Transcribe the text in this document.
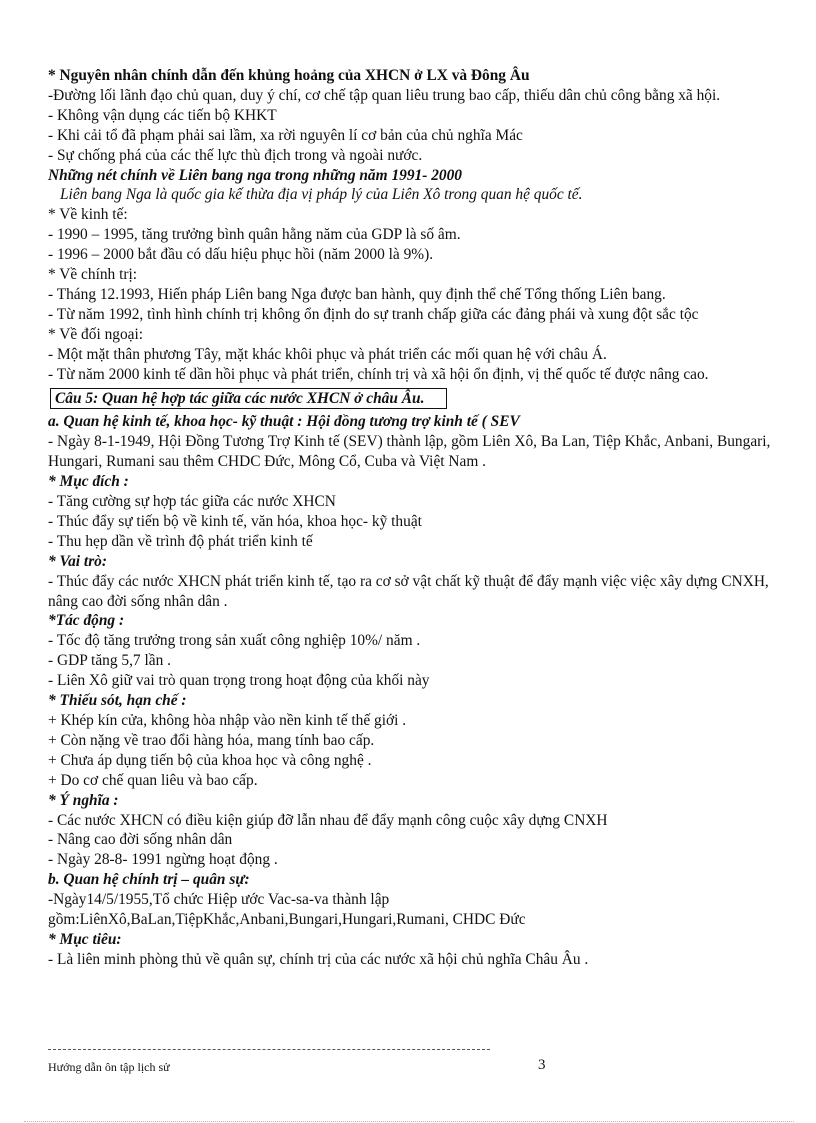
* Nguyên nhân chính dẫn đến khủng hoảng của XHCN ở LX và Đông Âu
-Đường lối lãnh đạo chủ quan, duy ý chí, cơ chế tập quan liêu trung bao cấp, thiếu dân chủ công bằng xã hội.
- Không vận dụng các tiến bộ KHKT
- Khi cải tổ đã phạm phải sai lầm, xa rời nguyên lí cơ bản của chủ nghĩa Mác
- Sự chống phá của các thế lực thù địch trong và ngoài nước.
Những nét chính về Liên bang nga trong những năm 1991- 2000
Liên bang Nga là quốc gia kế thừa địa vị pháp lý của Liên Xô trong quan hệ quốc tế.
* Về kinh tế:
- 1990 – 1995, tăng trưởng bình quân hằng năm của GDP là số âm.
- 1996 – 2000 bắt đầu có dấu hiệu phục hồi (năm 2000 là 9%).
* Về chính trị:
- Tháng 12.1993, Hiến pháp Liên bang Nga được ban hành, quy định thể chế Tổng thống Liên bang.
- Từ năm 1992, tình hình chính trị không ổn định do sự tranh chấp giữa các đảng phái và xung đột sắc tộc
* Về đối ngoại:
- Một mặt thân phương Tây, mặt khác khôi phục và phát triển các mối quan hệ với châu Á.
- Từ năm 2000 kinh tế dần hồi phục và phát triển, chính trị và xã hội ổn định, vị thế quốc tế được nâng cao.
Câu 5: Quan hệ hợp tác giữa các nước XHCN ở châu Âu.
a. Quan hệ kinh tế, khoa học- kỹ thuật : Hội đồng tương trợ kinh tế ( SEV
- Ngày 8-1-1949, Hội Đồng Tương Trợ Kinh tế (SEV) thành lập, gồm Liên Xô, Ba Lan, Tiệp Khắc, Anbani, Bungari, Hungari, Rumani sau thêm CHDC Đức, Mông Cổ, Cuba và Việt Nam .
* Mục đích :
- Tăng cường sự hợp tác giữa các nước XHCN
- Thúc đẩy sự tiến bộ về kinh tế, văn hóa, khoa học- kỹ thuật
- Thu hẹp dần về trình độ phát triển kinh tế
* Vai trò:
- Thúc đẩy các nước XHCN phát triển kinh tế, tạo ra cơ sở vật chất kỹ thuật để đẩy mạnh việc việc xây dựng CNXH, nâng cao đời sống nhân dân .
*Tác động :
- Tốc độ tăng trưởng trong sản xuất công nghiệp 10%/ năm .
- GDP tăng 5,7 lần .
- Liên Xô giữ vai trò quan trọng trong hoạt động của khối này
* Thiếu sót, hạn chế :
+ Khép kín cửa, không hòa nhập vào nền kinh tế thế giới .
+ Còn nặng về trao đổi hàng hóa, mang tính bao cấp.
+ Chưa áp dụng tiến bộ của khoa học và công nghệ .
+ Do cơ chế quan liêu và bao cấp.
* Ý nghĩa :
- Các nước XHCN có điều kiện giúp đỡ lẫn nhau để đẩy mạnh công cuộc xây dựng CNXH
- Nâng cao đời sống nhân dân
- Ngày 28-8- 1991 ngừng hoạt động .
b. Quan hệ chính trị – quân sự:
-Ngày14/5/1955,Tổ chức Hiệp ước Vac-sa-va thành lập
gồm:LiênXô,BaLan,TiệpKhắc,Anbani,Bungari,Hungari,Rumani, CHDC Đức
* Mục tiêu:
- Là liên minh phòng thủ về quân sự, chính trị của các nước xã hội chủ nghĩa Châu Âu .
Hướng dẫn ôn tập lịch sử	3
